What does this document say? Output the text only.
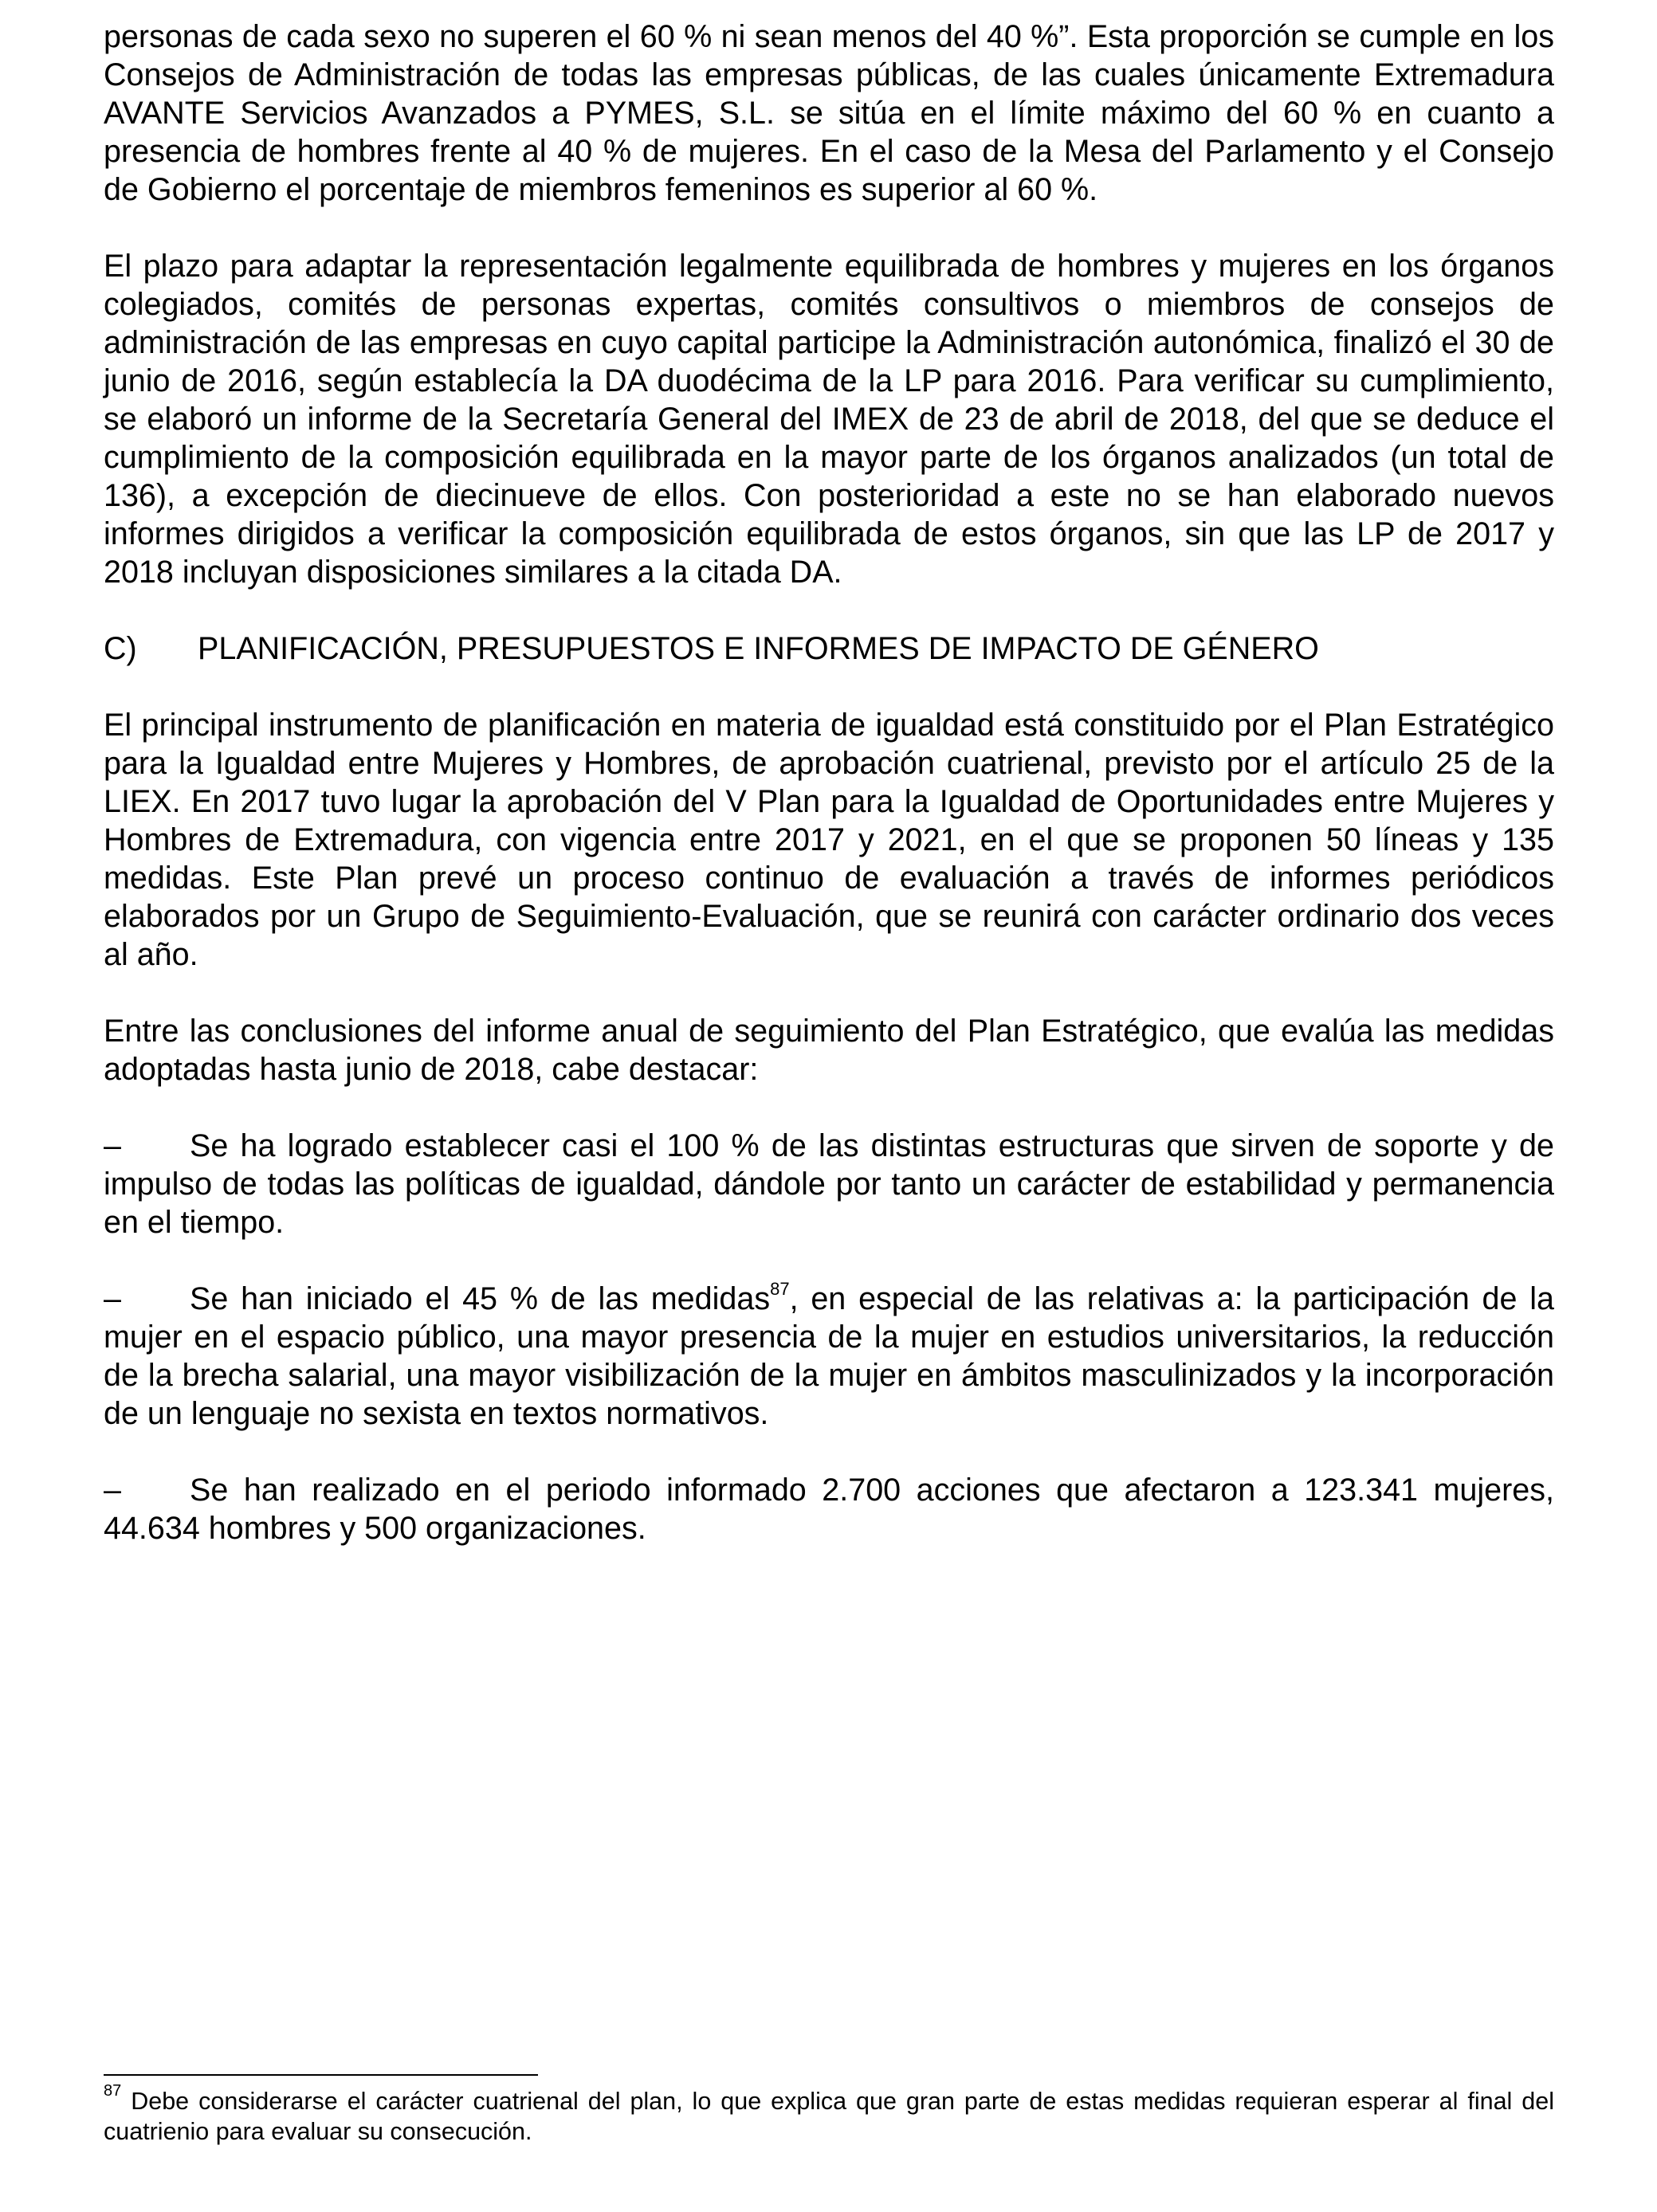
personas de cada sexo no superen el 60 % ni sean menos del 40 %”. Esta proporción se cumple en los Consejos de Administración de todas las empresas públicas, de las cuales únicamente Extremadura AVANTE Servicios Avanzados a PYMES, S.L. se sitúa en el límite máximo del 60 % en cuanto a presencia de hombres frente al 40 % de mujeres. En el caso de la Mesa del Parlamento y el Consejo de Gobierno el porcentaje de miembros femeninos es superior al 60 %.

El plazo para adaptar la representación legalmente equilibrada de hombres y mujeres en los órganos colegiados, comités de personas expertas, comités consultivos o miembros de consejos de administración de las empresas en cuyo capital participe la Administración autonómica, finalizó el 30 de junio de 2016, según establecía la DA duodécima de la LP para 2016. Para verificar su cumplimiento, se elaboró un informe de la Secretaría General del IMEX de 23 de abril de 2018, del que se deduce el cumplimiento de la composición equilibrada en la mayor parte de los órganos analizados (un total de 136), a excepción de diecinueve de ellos. Con posterioridad a este no se han elaborado nuevos informes dirigidos a verificar la composición equilibrada de estos órganos, sin que las LP de 2017 y 2018 incluyan disposiciones similares a la citada DA.

C)	PLANIFICACIÓN, PRESUPUESTOS E INFORMES DE IMPACTO DE GÉNERO

El principal instrumento de planificación en materia de igualdad está constituido por el Plan Estratégico para la Igualdad entre Mujeres y Hombres, de aprobación cuatrienal, previsto por el artículo 25 de la LIEX. En 2017 tuvo lugar la aprobación del V Plan para la Igualdad de Oportunidades entre Mujeres y Hombres de Extremadura, con vigencia entre 2017 y 2021, en el que se proponen 50 líneas y 135 medidas. Este Plan prevé un proceso continuo de evaluación a través de informes periódicos elaborados por un Grupo de Seguimiento-Evaluación, que se reunirá con carácter ordinario dos veces al año.

Entre las conclusiones del informe anual de seguimiento del Plan Estratégico, que evalúa las medidas adoptadas hasta junio de 2018, cabe destacar:

– Se ha logrado establecer casi el 100 % de las distintas estructuras que sirven de soporte y de impulso de todas las políticas de igualdad, dándole por tanto un carácter de estabilidad y permanencia en el tiempo.

– Se han iniciado el 45 % de las medidas$^{87}$, en especial de las relativas a: la participación de la mujer en el espacio público, una mayor presencia de la mujer en estudios universitarios, la reducción de la brecha salarial, una mayor visibilización de la mujer en ámbitos masculinizados y la incorporación de un lenguaje no sexista en textos normativos.

– Se han realizado en el periodo informado 2.700 acciones que afectaron a 123.341 mujeres, 44.634 hombres y 500 organizaciones.

$^{87}$ Debe considerarse el carácter cuatrienal del plan, lo que explica que gran parte de estas medidas requieran esperar al final del cuatrienio para evaluar su consecución.
